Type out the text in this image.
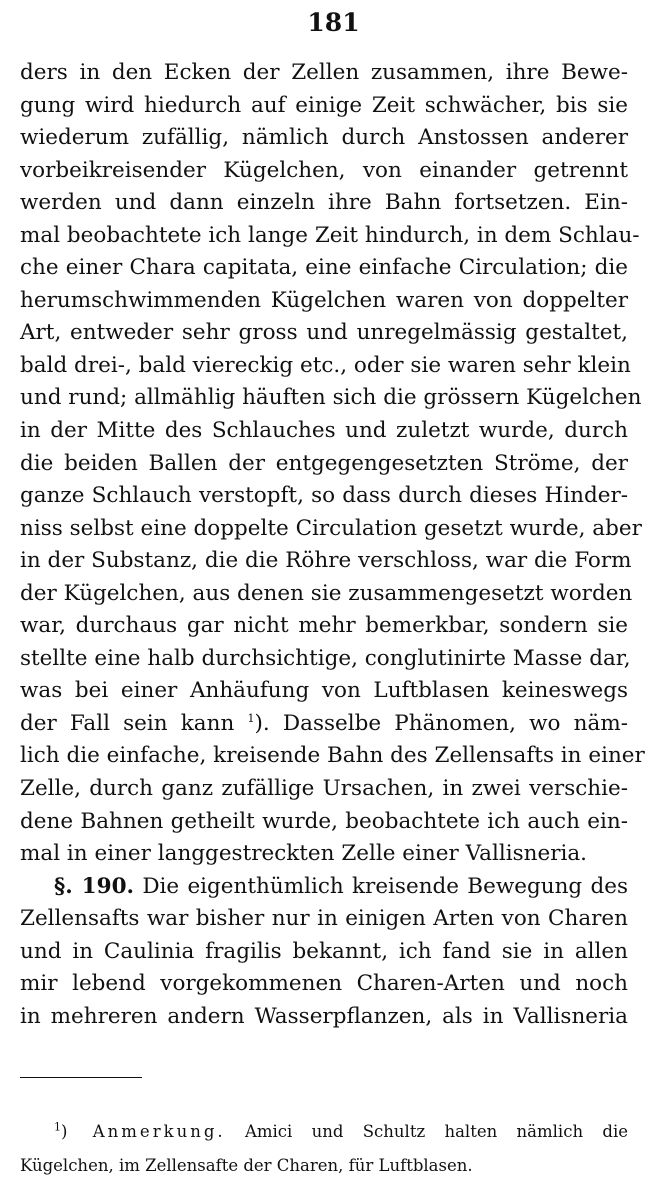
181
ders in den Ecken der Zellen zusammen, ihre Bewe-
gung wird hiedurch auf einige Zeit schwächer, bis sie
wiederum zufällig, nämlich durch Anstossen anderer
vorbeikreisender Kügelchen, von einander getrennt
werden und dann einzeln ihre Bahn fortsetzen. Ein-
mal beobachtete ich lange Zeit hindurch, in dem Schlau-
che einer Chara capitata, eine einfache Circulation; die
herumschwimmenden Kügelchen waren von doppelter
Art, entweder sehr gross und unregelmässig gestaltet,
bald drei-, bald viereckig etc., oder sie waren sehr klein
und rund; allmählig häuften sich die grössern Kügelchen
in der Mitte des Schlauches und zuletzt wurde, durch
die beiden Ballen der entgegengesetzten Ströme, der
ganze Schlauch verstopft, so dass durch dieses Hinder-
niss selbst eine doppelte Circulation gesetzt wurde, aber
in der Substanz, die die Röhre verschloss, war die Form
der Kügelchen, aus denen sie zusammengesetzt worden
war, durchaus gar nicht mehr bemerkbar, sondern sie
stellte eine halb durchsichtige, conglutinirte Masse dar,
was bei einer Anhäufung von Luftblasen keineswegs
der Fall sein kann $^1$). Dasselbe Phänomen, wo näm-
lich die einfache, kreisende Bahn des Zellensafts in einer
Zelle, durch ganz zufällige Ursachen, in zwei verschie-
dene Bahnen getheilt wurde, beobachtete ich auch ein-
mal in einer langgestreckten Zelle einer Vallisneria.
§. 190. Die eigenthümlich kreisende Bewegung des
Zellensafts war bisher nur in einigen Arten von Charen
und in Caulinia fragilis bekannt, ich fand sie in allen
mir lebend vorgekommenen Charen-Arten und noch
in mehreren andern Wasserpflanzen, als in Vallisneria
$^1$) Anmerkung. Amici und Schultz halten nämlich die
Kügelchen, im Zellensafte der Charen, für Luftblasen.
